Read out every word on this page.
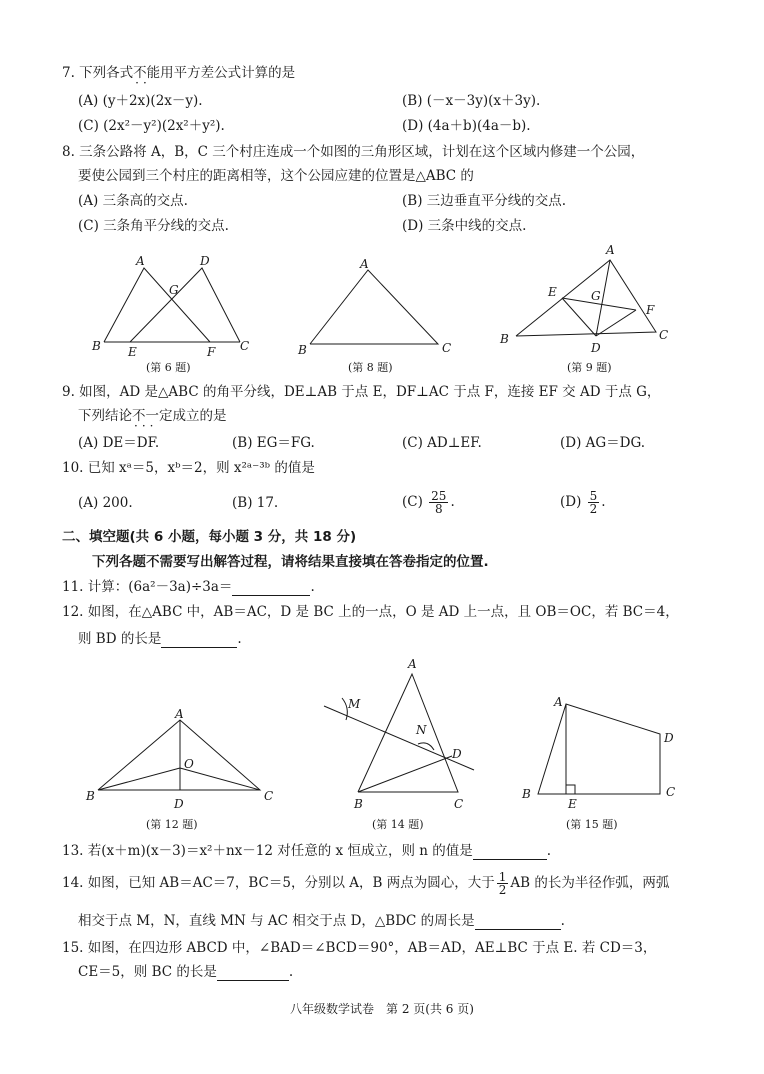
7. 下列各式不能 ··用平方差公式计算的是
(A) (y＋2x)(2x－y).	(B) (－x－3y)(x＋3y).
(C) (2x²－y²)(2x²＋y²).	(D) (4a＋b)(4a－b).
8. 三条公路将 A，B，C 三个村庄连成一个如图的三角形区域，计划在这个区域内修建一个公园，
要使公园到三个村庄的距离相等，这个公园应建的位置是△ABC 的
(A) 三条高的交点.	(B) 三边垂直平分线的交点.
(C) 三条角平分线的交点.	(D) 三条中线的交点.
A	D
G
B E	F C
(第 6 题)
A
B	C
(第 8 题)
A
E	G
F
B
D
C
(第 9 题)
9. 如图，AD 是△ABC 的角平分线，DE⊥AB 于点 E，DF⊥AC 于点 F，连接 EF 交 AD 于点 G，
下列结论不一定 ···成立的是
(A) DE＝DF.	(B) EG＝FG.	(C) AD⊥EF.	(D) AG＝DG.
10. 已知 xᵃ＝5，xᵇ＝2，则 x²ᵃ⁻³ᵇ 的值是
(A) 200.	(B) 17.	$(C) \frac{25}{8}$ .	$(D) \frac{5}{2}$ .
二、填空题(共 6 小题，每小题 3 分，共 18 分)
下列各题不需要写出解答过程，请将结果直接填在答卷指定的位置.
11. 计算：(6a²－3a)÷3a＝	.
12. 如图，在△ABC 中，AB＝AC，D 是 BC 上的一点，O 是 AD 上一点，且 OB＝OC，若 BC＝4，
则 BD 的长是	.
A
O
B
D
C
(第 12 题)
A
M
N
D
B	C
(第 14 题)
A
D
B
E
C
(第 15 题)
13. 若(x＋m)(x－3)＝x²＋nx－12 对任意的 x 恒成立，则 n 的值是	.
14. 如图，已知 AB＝AC＝7，BC＝5，分别以 A，B 两点为圆心，大于 $\frac{1}{2}$ AB 的长为半径作弧，两弧
相交于点 M，N，直线 MN 与 AC 相交于点 D，△BDC 的周长是	.
15. 如图，在四边形 ABCD 中，∠BAD＝∠BCD＝90°，AB＝AD，AE⊥BC 于点 E. 若 CD＝3，
CE＝5，则 BC 的长是	.
八年级数学试卷　第 2 页(共 6 页)
